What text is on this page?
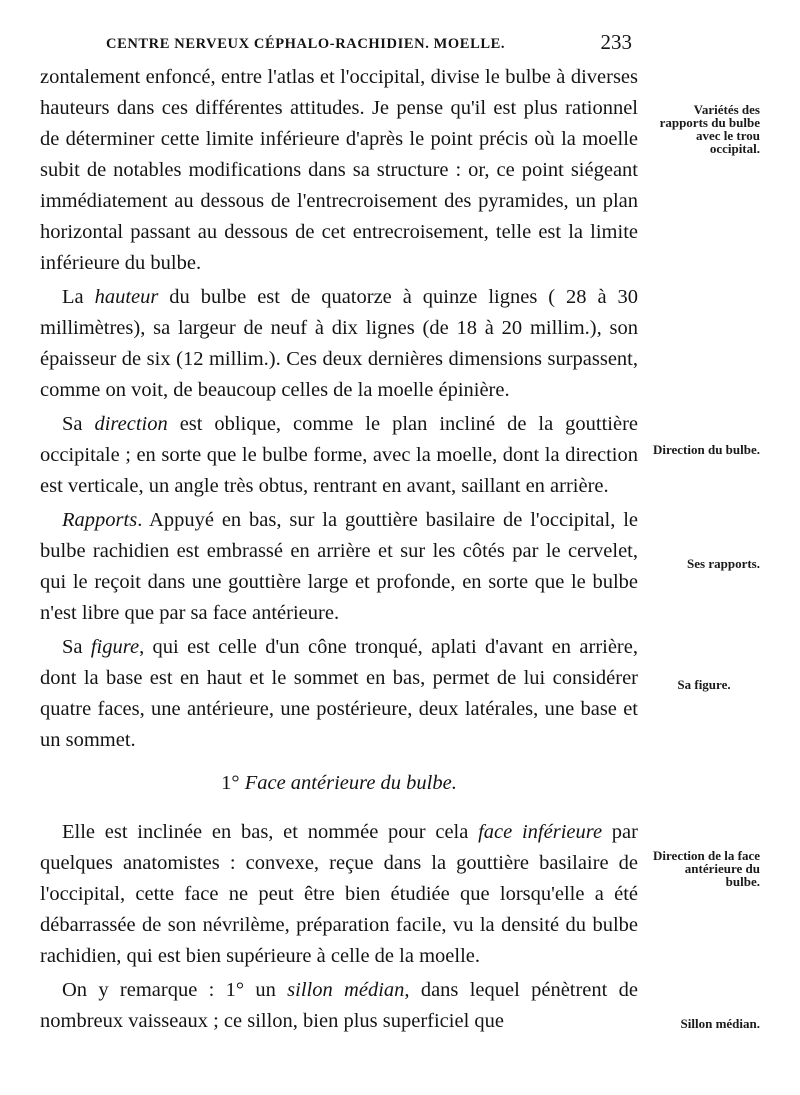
CENTRE NERVEUX CÉPHALO-RACHIDIEN. MOELLE.	233

zontalement enfoncé, entre l'atlas et l'occipital, divise le bulbe à diverses hauteurs dans ces différentes attitudes. Je pense qu'il est plus rationnel de déterminer cette limite inférieure d'après le point précis où la moelle subit de notables modifications dans sa structure : or, ce point siégeant immédiatement au dessous de l'entrecroisement des pyramides, un plan horizontal passant au dessous de cet entrecroisement, telle est la limite inférieure du bulbe.

La hauteur du bulbe est de quatorze à quinze lignes ( 28 à 30 millimètres), sa largeur de neuf à dix lignes (de 18 à 20 millim.), son épaisseur de six (12 millim.). Ces deux dernières dimensions surpassent, comme on voit, de beaucoup celles de la moelle épinière.

Sa direction est oblique, comme le plan incliné de la gouttière occipitale ; en sorte que le bulbe forme, avec la moelle, dont la direction est verticale, un angle très obtus, rentrant en avant, saillant en arrière.

Rapports. Appuyé en bas, sur la gouttière basilaire de l'occipital, le bulbe rachidien est embrassé en arrière et sur les côtés par le cervelet, qui le reçoit dans une gouttière large et profonde, en sorte que le bulbe n'est libre que par sa face antérieure.

Sa figure, qui est celle d'un cône tronqué, aplati d'avant en arrière, dont la base est en haut et le sommet en bas, permet de lui considérer quatre faces, une antérieure, une postérieure, deux latérales, une base et un sommet.

1° Face antérieure du bulbe.

Elle est inclinée en bas, et nommée pour cela face inférieure par quelques anatomistes : convexe, reçue dans la gouttière basilaire de l'occipital, cette face ne peut être bien étudiée que lorsqu'elle a été débarrassée de son névrilème, préparation facile, vu la densité du bulbe rachidien, qui est bien supérieure à celle de la moelle.

On y remarque : 1° un sillon médian, dans lequel pénètrent de nombreux vaisseaux ; ce sillon, bien plus superficiel que

Variétés des rapports du bulbe avec le trou occipital.
Direction du bulbe.
Ses rapports.
Sa figure.
Direction de la face antérieure du bulbe.
Sillon médian.
